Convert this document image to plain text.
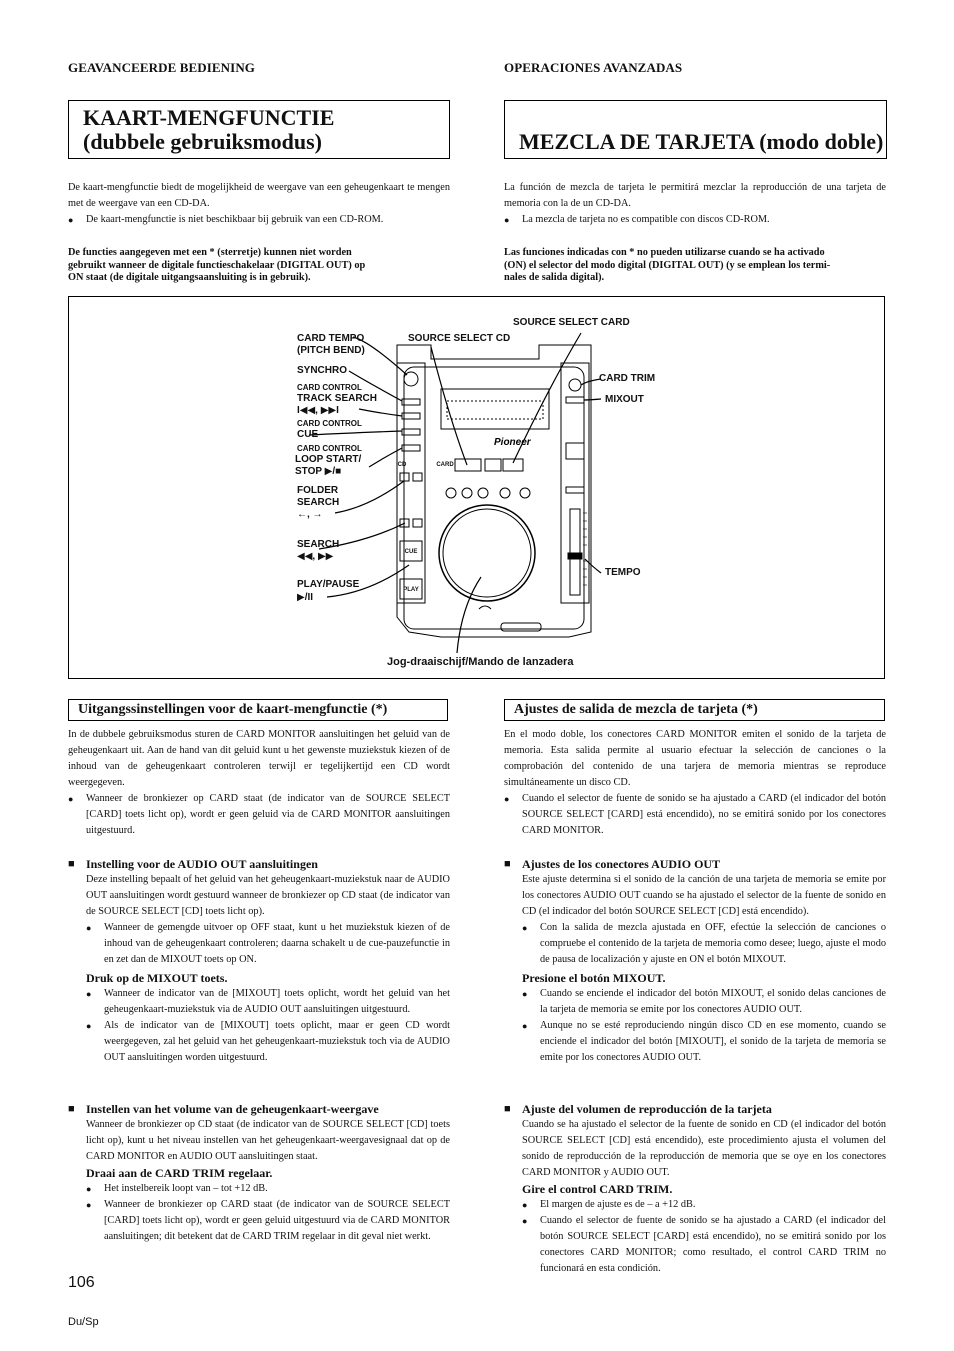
GEAVANCEERDE BEDIENING	OPERACIONES AVANZADAS
KAART-MENGFUNCTIE
(dubbele gebruiksmodus)	MEZCLA DE TARJETA (modo doble)
De kaart-mengfunctie biedt de mogelijkheid de weergave van een geheugenkaart te mengen met de weergave van een CD-DA.
● De kaart-mengfunctie is niet beschikbaar bij gebruik van een CD-ROM.
De functies aangegeven met een * (sterretje) kunnen niet worden
gebruikt wanneer de digitale functieschakelaar (DIGITAL OUT) op
ON staat (de digitale uitgangsaansluiting is in gebruik).
La función de mezcla de tarjeta le permitirá mezclar la reproducción de una tarjeta de memoria con la de un CD-DA.
● La mezcla de tarjeta no es compatible con discos CD-ROM.
Las funciones indicadas con * no pueden utilizarse cuando se ha activado
(ON) el selector del modo digital (DIGITAL OUT) (y se emplean los termi-
nales de salida digital).
Pioneer
CARD TEMPO
(PITCH BEND)
SYNCHRO
CARD CONTROL
TRACK SEARCH
I◀◀, ▶▶I
CARD CONTROL
CUE
CARD CONTROL
LOOP START/
STOP ▶/■
FOLDER
SEARCH
←, →
SEARCH
◀◀, ▶▶
PLAY/PAUSE
▶/II
SOURCE SELECT CD
SOURCE SELECT CARD
CARD TRIM
MIXOUT
TEMPO
Jog-draaischijf/Mando de lanzadera
CD	CARD
CUE
PLAY
Uitgangssinstellingen voor de kaart-mengfunctie (*)
In de dubbele gebruiksmodus sturen de CARD MONITOR aansluitingen het geluid van de geheugenkaart uit. Aan de hand van dit geluid kunt u het gewenste muziekstuk kiezen of de inhoud van de geheugenkaart controleren terwijl er tegelijkertijd een CD wordt weergegeven.
● Wanneer de bronkiezer op CARD staat (de indicator van de SOURCE SELECT [CARD] toets licht op), wordt er geen geluid via de CARD MONITOR aansluitingen uitgestuurd.
■ Instelling voor de AUDIO OUT aansluitingen
Deze instelling bepaalt of het geluid van het geheugenkaart-muziekstuk naar de AUDIO OUT aansluitingen wordt gestuurd wanneer de bronkiezer op CD staat (de indicator van de SOURCE SELECT [CD] toets licht op).
● Wanneer de gemengde uitvoer op OFF staat, kunt u het muziekstuk kiezen of de inhoud van de geheugenkaart controleren; daarna schakelt u de cue-pauzefunctie in en zet dan de MIXOUT toets op ON.
Druk op de MIXOUT toets.
● Wanneer de indicator van de [MIXOUT] toets oplicht, wordt het geluid van het geheugenkaart-muziekstuk via de AUDIO OUT aansluitingen uitgestuurd.
● Als de indicator van de [MIXOUT] toets oplicht, maar er geen CD wordt weergegeven, zal het geluid van het geheugenkaart-muziekstuk toch via de AUDIO OUT aansluitingen worden uitgestuurd.
■ Instellen van het volume van de geheugenkaart-weergave
Wanneer de bronkiezer op CD staat (de indicator van de SOURCE SELECT [CD] toets licht op), kunt u het niveau instellen van het geheugenkaart-weergavesignaal dat op de CARD MONITOR en AUDIO OUT aansluitingen staat.
Draai aan de CARD TRIM regelaar.
● Het instelbereik loopt van – tot +12 dB.
● Wanneer de bronkiezer op CARD staat (de indicator van de SOURCE SELECT [CARD] toets licht op), wordt er geen geluid uitgestuurd via de CARD MONITOR aansluitingen; dit betekent dat de CARD TRIM regelaar in dit geval niet werkt.
Ajustes de salida de mezcla de tarjeta (*)
En el modo doble, los conectores CARD MONITOR emiten el sonido de la tarjeta de memoria. Esta salida permite al usuario efectuar la selección de canciones o la comprobación del contenido de una tarjera de memoria mientras se reproduce simultáneamente un disco CD.
● Cuando el selector de fuente de sonido se ha ajustado a CARD (el indicador del botón SOURCE SELECT [CARD] está encendido), no se emitirá sonido por los conectores CARD MONITOR.
■ Ajustes de los conectores AUDIO OUT
Este ajuste determina si el sonido de la canción de una tarjeta de memoria se emite por los conectores AUDIO OUT cuando se ha ajustado el selector de la fuente de sonido en CD (el indicador del botón SOURCE SELECT [CD] está encendido).
● Con la salida de mezcla ajustada en OFF, efectúe la selección de canciones o compruebe el contenido de la tarjeta de memoria como desee; luego, ajuste el modo de pausa de localización y ajuste en ON el botón MIXOUT.
Presione el botón MIXOUT.
● Cuando se enciende el indicador del botón MIXOUT, el sonido delas canciones de la tarjeta de memoria se emite por los conectores AUDIO OUT.
● Aunque no se esté reproduciendo ningún disco CD en ese momento, cuando se enciende el indicador del botón [MIXOUT], el sonido de la tarjeta de memoria se emite por los conectores AUDIO OUT.
■ Ajuste del volumen de reproducción de la tarjeta
Cuando se ha ajustado el selector de la fuente de sonido en CD (el indicador del botón SOURCE SELECT [CD] está encendido), este procedimiento ajusta el volumen del sonido de reproducción de la reproducción de memoria que se oye en los conectores CARD MONITOR y AUDIO OUT.
Gire el control CARD TRIM.
● El margen de ajuste es de – a +12 dB.
● Cuando el selector de fuente de sonido se ha ajustado a CARD (el indicador del botón SOURCE SELECT [CARD] está encendido), no se emitirá sonido por los conectores CARD MONITOR; como resultado, el control CARD TRIM no funcionará en esta condición.
106
Du/Sp
